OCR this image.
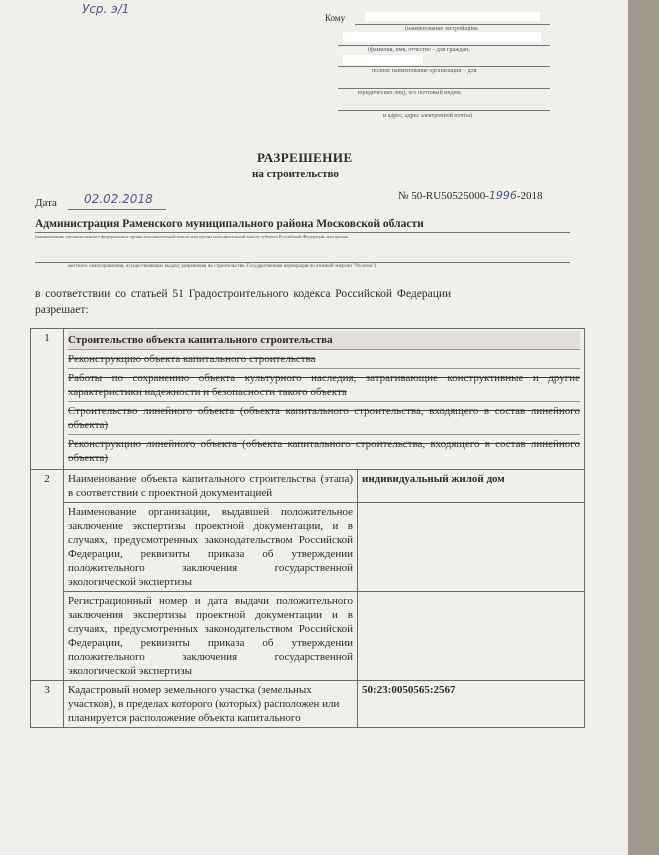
Уср. э/1
Кому
(наименование застройщика
(фамилия, имя, отчество – для граждан,
полное наименование организации – для
юридических лиц), его почтовый индекс
и адрес, адрес электронной почты)
РАЗРЕШЕНИЕ
на строительство
Дата 02.02.2018	№ 50-RU50525000-1996-2018
Администрация Раменского муниципального района Московской области
(наименование уполномоченного федерального органа исполнительной власти или органа исполнительной власти субъекта Российской Федерации, или органа
местного самоуправления, осуществляющих выдачу разрешения на строительство. Государственная корпорация по атомной энергии "Росатом")
в соответствии со статьей 51 Градостроительного кодекса Российской Федерации
разрешает:
1	Строительство объекта капитального строительства
Реконструкцию объекта капитального строительства
Работы по сохранению объекта культурного наследия, затрагивающие конструктивные и другие характеристики надежности и безопасности такого объекта
Строительство линейного объекта (объекта капитального строительства, входящего в состав линейного объекта)
Реконструкцию линейного объекта (объекта капитального строительства, входящего в состав линейного объекта)	

2	Наименование объекта капитального строительства (этапа) в соответствии с проектной документацией	индивидуальный жилой дом
	Наименование организации, выдавшей положительное заключение экспертизы проектной документации, и в случаях, предусмотренных законодательством Российской Федерации, реквизиты приказа об утверждении положительного заключения государственной экологической экспертизы	
	Регистрационный номер и дата выдачи положительного заключения экспертизы проектной документации и в случаях, предусмотренных законодательством Российской Федерации, реквизиты приказа об утверждении положительного заключения государственной экологической экспертизы	
3	Кадастровый номер земельного участка (земельных участков), в пределах которого (которых) расположен или планируется расположение объекта капитального	50:23:0050565:2567
